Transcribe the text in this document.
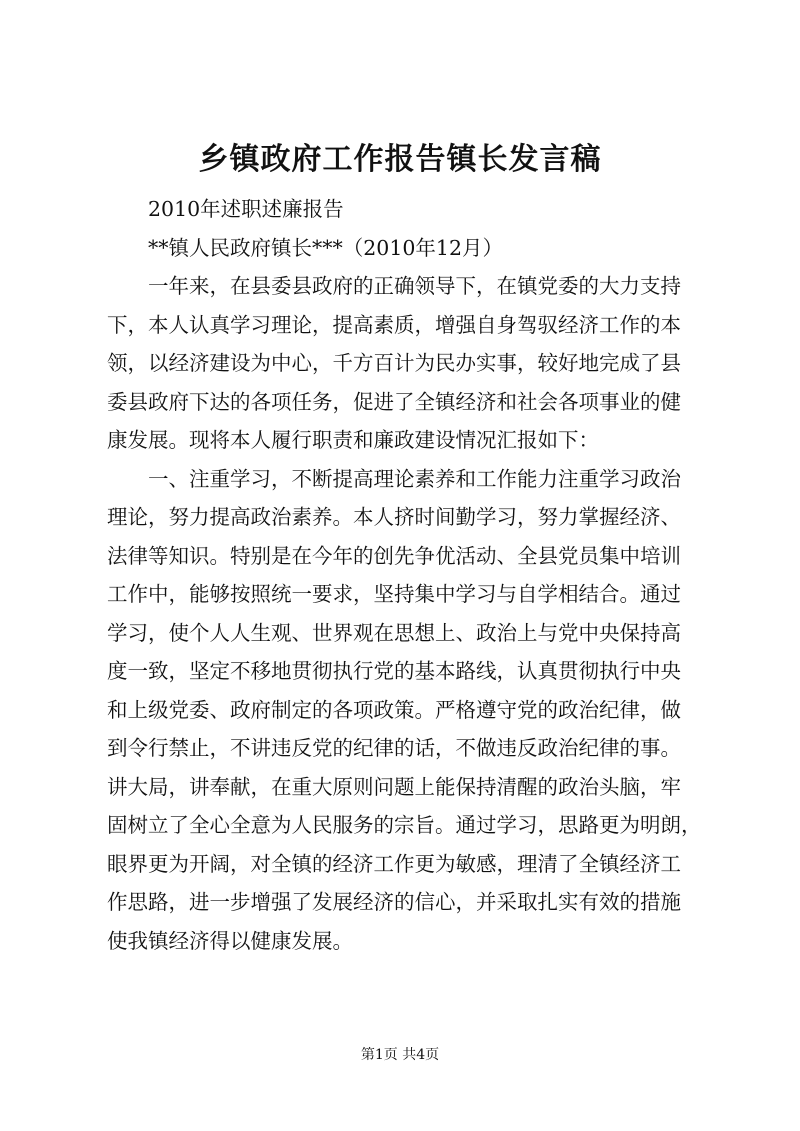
乡镇政府工作报告镇长发言稿

2010年述职述廉报告

**镇人民政府镇长***（2010年12月）

一年来，在县委县政府的正确领导下，在镇党委的大力支持
下，本人认真学习理论，提高素质，增强自身驾驭经济工作的本
领，以经济建设为中心，千方百计为民办实事，较好地完成了县
委县政府下达的各项任务，促进了全镇经济和社会各项事业的健
康发展。现将本人履行职责和廉政建设情况汇报如下：
一、注重学习，不断提高理论素养和工作能力注重学习政治
理论，努力提高政治素养。本人挤时间勤学习，努力掌握经济、
法律等知识。特别是在今年的创先争优活动、全县党员集中培训
工作中，能够按照统一要求，坚持集中学习与自学相结合。通过
学习，使个人人生观、世界观在思想上、政治上与党中央保持高
度一致，坚定不移地贯彻执行党的基本路线，认真贯彻执行中央
和上级党委、政府制定的各项政策。严格遵守党的政治纪律，做
到令行禁止，不讲违反党的纪律的话，不做违反政治纪律的事。
讲大局，讲奉献，在重大原则问题上能保持清醒的政治头脑，牢
固树立了全心全意为人民服务的宗旨。通过学习，思路更为明朗，
眼界更为开阔，对全镇的经济工作更为敏感，理清了全镇经济工
作思路，进一步增强了发展经济的信心，并采取扎实有效的措施
使我镇经济得以健康发展。
第1页 共4页
